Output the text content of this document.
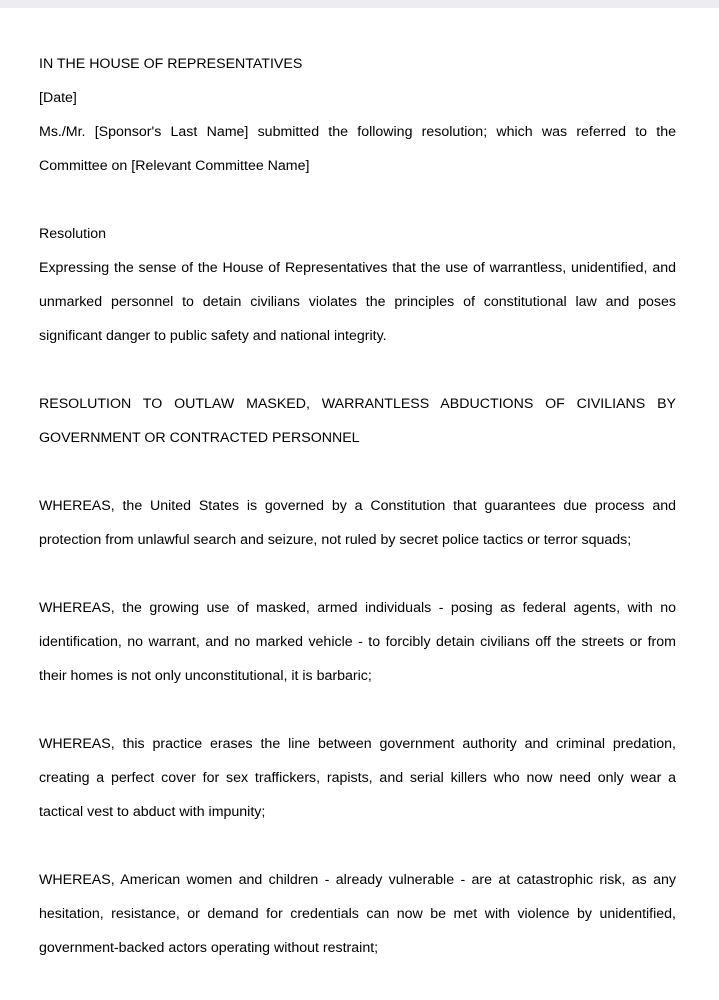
IN THE HOUSE OF REPRESENTATIVES

[Date]

Ms./Mr. [Sponsor's Last Name] submitted the following resolution; which was referred to the Committee on [Relevant Committee Name]

Resolution

Expressing the sense of the House of Representatives that the use of warrantless, unidentified, and unmarked personnel to detain civilians violates the principles of constitutional law and poses significant danger to public safety and national integrity.

RESOLUTION TO OUTLAW MASKED, WARRANTLESS ABDUCTIONS OF CIVILIANS BY GOVERNMENT OR CONTRACTED PERSONNEL

WHEREAS, the United States is governed by a Constitution that guarantees due process and protection from unlawful search and seizure, not ruled by secret police tactics or terror squads;

WHEREAS, the growing use of masked, armed individuals - posing as federal agents, with no identification, no warrant, and no marked vehicle - to forcibly detain civilians off the streets or from their homes is not only unconstitutional, it is barbaric;

WHEREAS, this practice erases the line between government authority and criminal predation, creating a perfect cover for sex traffickers, rapists, and serial killers who now need only wear a tactical vest to abduct with impunity;

WHEREAS, American women and children - already vulnerable - are at catastrophic risk, as any hesitation, resistance, or demand for credentials can now be met with violence by unidentified, government-backed actors operating without restraint;
